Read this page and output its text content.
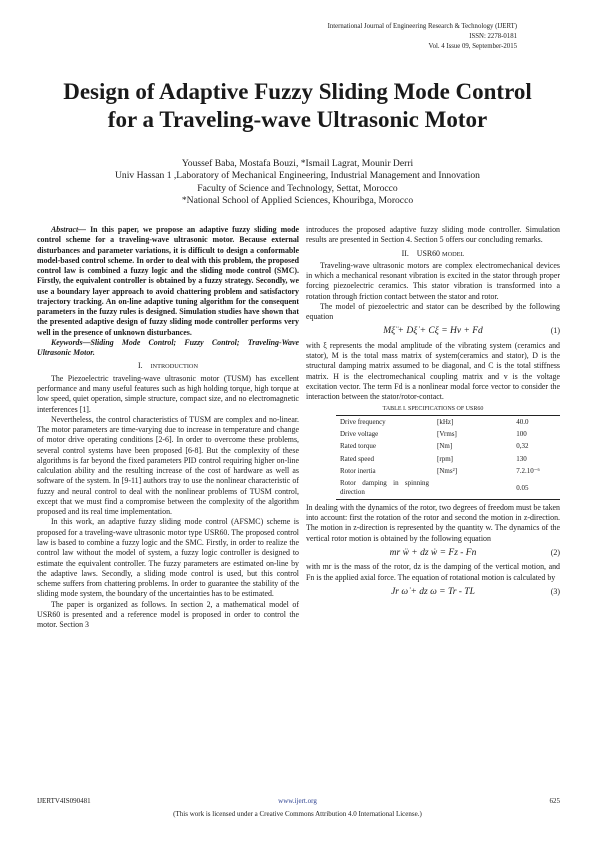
International Journal of Engineering Research & Technology (IJERT)
ISSN: 2278-0181
Vol. 4 Issue 09, September-2015
Design of Adaptive Fuzzy Sliding Mode Control
for a Traveling-wave Ultrasonic Motor
Youssef Baba, Mostafa Bouzi, *Ismail Lagrat, Mounir Derri
Univ Hassan 1 ,Laboratory of Mechanical Engineering, Industrial Management and Innovation
Faculty of Science and Technology, Settat, Morocco
*National School of Applied Sciences, Khouribga, Morocco

Abstract— In this paper, we propose an adaptive fuzzy sliding mode control scheme for a traveling-wave ultrasonic motor. Because external disturbances and parameter variations, it is difficult to design a conformable model-based control scheme. In order to deal with this problem, the proposed control law is combined a fuzzy logic and the sliding mode control (SMC). Firstly, the equivalent controller is obtained by a fuzzy strategy. Secondly, we use a boundary layer approach to avoid chattering problem and satisfactory trajectory tracking. An on-line adaptive tuning algorithm for the consequent parameters in the fuzzy rules is designed. Simulation studies have shown that the presented adaptive design of fuzzy sliding mode controller performs very well in the presence of unknown disturbances.

Keywords—Sliding Mode Control; Fuzzy Control; Traveling-Wave Ultrasonic Motor.

I. INTRODUCTION

The Piezoelectric traveling-wave ultrasonic motor (TUSM) has excellent performance and many useful features such as high holding torque, high torque at low speed, quiet operation, simple structure, compact size, and no electromagnetic interferences [1].

Nevertheless, the control characteristics of TUSM are complex and no-linear. The motor parameters are time-varying due to increase in temperature and change of motor drive operating conditions [2-6]. In order to overcome these problems, several control systems have been proposed [6-8]. But the complexity of these algorithms is far beyond the fixed parameters PID control requiring higher on-line calculation ability and the resulting increase of the cost of hardware as well as software of the system. In [9-11] authors tray to use the nonlinear characteristic of fuzzy and neural control to deal with the nonlinear problems of TUSM control, except that we must find a compromise between the complexity of the algorithm proposed and its real time implementation.

In this work, an adaptive fuzzy sliding mode control (AFSMC) scheme is proposed for a traveling-wave ultrasonic motor type USR60. The proposed control law is based to combine a fuzzy logic and the SMC. Firstly, in order to realize the control law without the model of system, a fuzzy logic controller is designed to estimate the equivalent controller. The fuzzy parameters are estimated on-line by the adaptive laws. Secondly, a sliding mode control is used, but this control scheme suffers from chattering problems. In order to guarantee the stability of the sliding mode system, the boundary of the uncertainties has to be estimated.

The paper is organized as follows. In section 2, a mathematical model of USR60 is presented and a reference model is proposed in order to control the motor. Section 3

introduces the proposed adaptive fuzzy sliding mode controller. Simulation results are presented in Section 4. Section 5 offers our concluding remarks.

II. USR60 MODEL

Traveling-wave ultrasonic motors are complex electromechanical devices in which a mechanical resonant vibration is excited in the stator through proper forcing piezoelectric ceramics. This stator vibration is transformed into a rotation through friction contact between the stator and rotor.

The model of piezoelectric and stator can be described by the following equation

Mξ̈ + Dξ̇ + Cξ = Hv + Fd	(1)

with ξ represents the modal amplitude of the vibrating system (ceramics and stator), M is the total mass matrix of system(ceramics and stator), D is the structural damping matrix assumed to be diagonal, and C is the total stiffness matrix. H is the electromechanical coupling matrix and v is the voltage excitation vector. The term Fd is a nonlinear modal force vector to consider the interaction between the stator/rotor-contact.

TABLE I. SPECIFICATIONS OF USR60
Drive frequency	[kHz]	40.0
Drive voltage	[Vrms]	100
Rated torque	[Nm]	0,32
Rated speed	[rpm]	130
Rotor inertia	[Nms²]	7.2.10⁻⁶
Rotor damping in spinning direction		0.05

In dealing with the dynamics of the rotor, two degrees of freedom must be taken into account: first the rotation of the rotor and second the motion in z-direction. The motion in z-direction is represented by the quantity w. The dynamics of the vertical rotor motion is obtained by the following equation

mr ẅ + dz ẇ = Fz - Fn	(2)

with mr is the mass of the rotor, dz is the damping of the vertical motion, and Fn is the applied axial force. The equation of rotational motion is calculated by

Jr ω̇ + dz ω = Tr - TL	(3)
IJERTV4IS090481	www.ijert.org	625
(This work is licensed under a Creative Commons Attribution 4.0 International License.)
